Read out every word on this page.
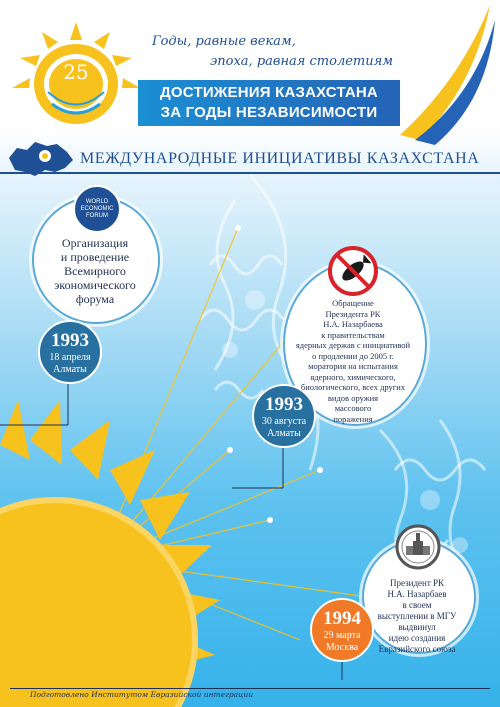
25
Годы, равные векам,
эпоха, равная столетиям
ДОСТИЖЕНИЯ КАЗАХСТАНА
ЗА ГОДЫ НЕЗАВИСИМОСТИ
МЕЖДУНАРОДНЫЕ ИНИЦИАТИВЫ КАЗАХСТАНА
WORLD
ECONOMIC
FORUM
Организация
и проведение
Всемирного
экономического
форума
1993
18 апреля
Алматы
Обращение
Президента РК
Н.А. Назарбаева
к правительствам
ядерных держав с инициативой
о продлении до 2005 г.
моратория на испытания
ядерного, химического,
биологического, всех других
видов оружия
массового
поражения
1993
30 августа
Алматы
Президент РК
Н.А. Назарбаев
в своем
выступлении в МГУ
выдвинул
идею создания
Евразийского союза
1994
29 марта
Москва
Подготовлено Институтом Евразийской интеграции
